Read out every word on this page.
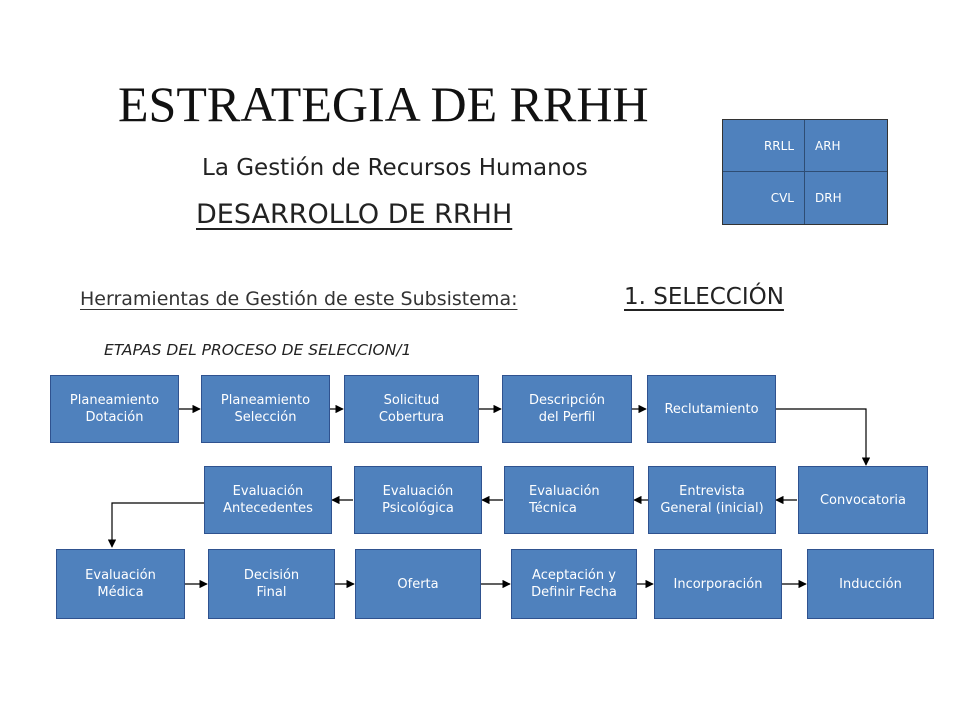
ESTRATEGIA DE RRHH
La Gestión de Recursos Humanos
DESARROLLO DE RRHH
Herramientas de Gestión de este Subsistema:	1. SELECCIÓN
ETAPAS DEL PROCESO DE SELECCION/1
RRLL	ARH
CVL	DRH
Planeamiento
Dotación
Planeamiento
Selección
Solicitud
Cobertura
Descripción
del Perfil
Reclutamiento
Evaluación
Antecedentes
Evaluación
Psicológica
Evaluación
Técnica
Entrevista
General (inicial)
Convocatoria
Evaluación
Médica
Decisión
Final
Oferta
Aceptación y
Definir Fecha
Incorporación	Inducción
